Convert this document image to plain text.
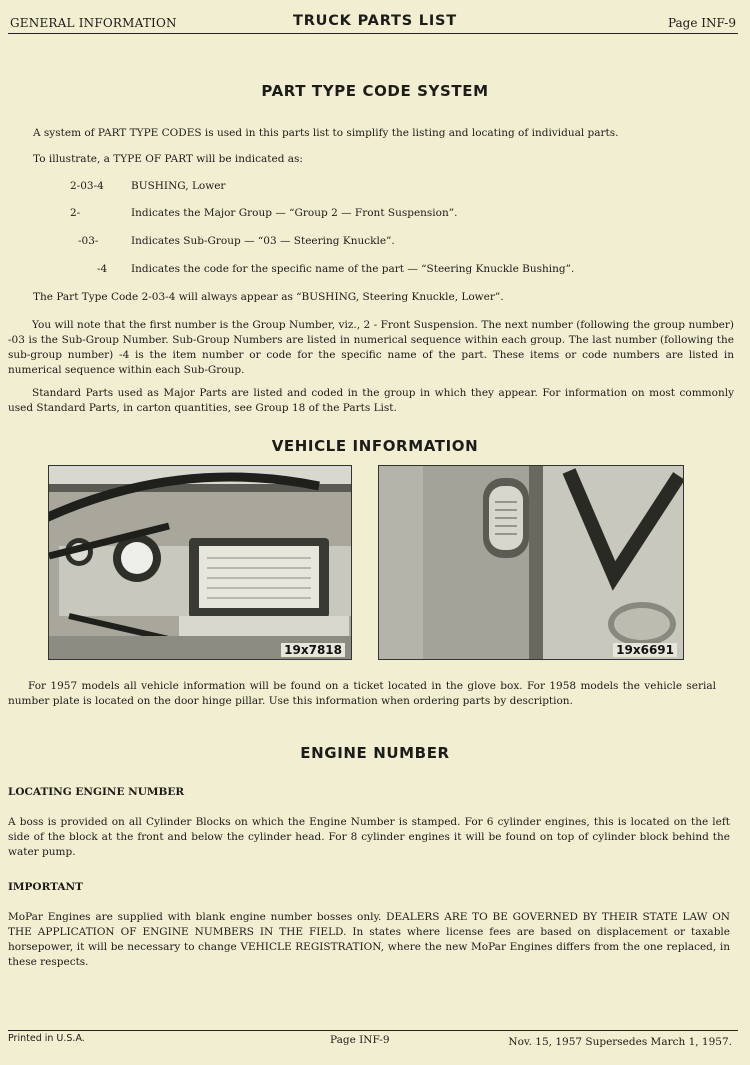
GENERAL INFORMATION	TRUCK PARTS LIST	Page INF-9
PART TYPE CODE SYSTEM
A system of PART TYPE CODES is used in this parts list to simplify the listing and locating of individual parts.
To illustrate, a TYPE OF PART will be indicated as:
2-03-4	BUSHING, Lower
2-	Indicates the Major Group — “Group 2 — Front Suspension”.
-03-	Indicates Sub-Group — “03 — Steering Knuckle”.
-4 Indicates the code for the specific name of the part — “Steering Knuckle Bushing”.
The Part Type Code 2-03-4 will always appear as “BUSHING, Steering Knuckle, Lower”.
You will note that the first number is the Group Number, viz., 2 - Front Suspension. The next number (following the group number) -03 is the Sub-Group Number. Sub-Group Numbers are listed in numerical sequence within each group. The last number (following the sub-group number) -4 is the item number or code for the specific name of the part. These items or code numbers are listed in numerical sequence within each Sub-Group.
Standard Parts used as Major Parts are listed and coded in the group in which they appear. For information on most commonly used Standard Parts, in carton quantities, see Group 18 of the Parts List.
VEHICLE INFORMATION
19x7818	19x6691
For 1957 models all vehicle information will be found on a ticket located in the glove box. For 1958 models the vehicle serial number plate is located on the door hinge pillar. Use this information when ordering parts by description.
ENGINE NUMBER
LOCATING ENGINE NUMBER
A boss is provided on all Cylinder Blocks on which the Engine Number is stamped. For 6 cylinder engines, this is located on the left side of the block at the front and below the cylinder head. For 8 cylinder engines it will be found on top of cylinder block behind the water pump.
IMPORTANT
MoPar Engines are supplied with blank engine number bosses only. DEALERS ARE TO BE GOVERNED BY THEIR STATE LAW ON THE APPLICATION OF ENGINE NUMBERS IN THE FIELD. In states where license fees are based on displacement or taxable horsepower, it will be necessary to change VEHICLE REGISTRATION, where the new MoPar Engines differs from the one replaced, in these respects.
Printed in U.S.A.	Page INF-9	Nov. 15, 1957 Supersedes March 1, 1957.
